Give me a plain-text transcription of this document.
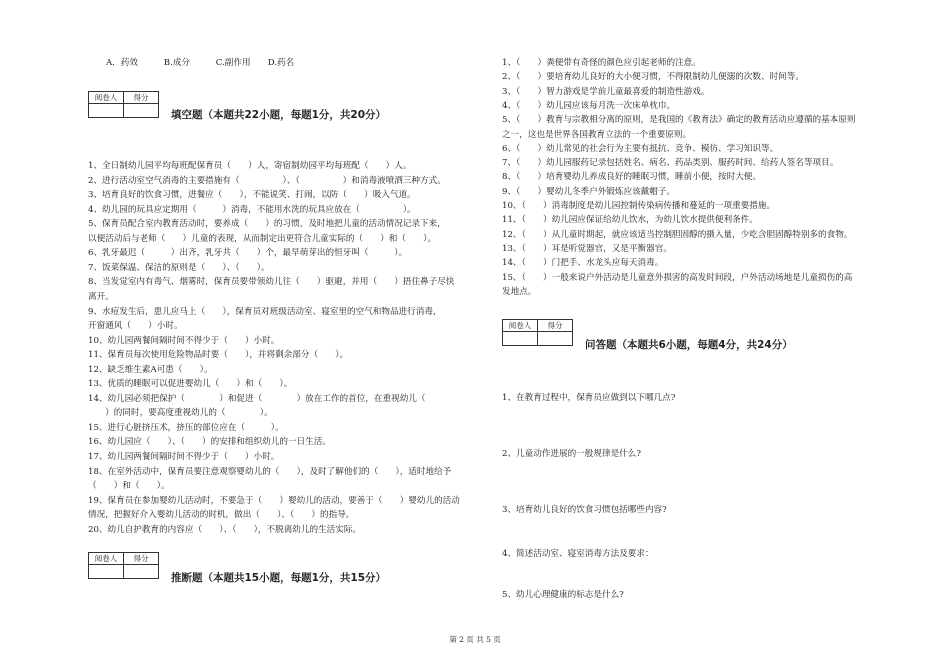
A．药效　　　B.成分　　　C.副作用　　D.药名
阅卷人	得分

填空题（本题共22小题，每题1分，共20分）
1、全日制幼儿园平均每班配保育员（　　）人，寄宿制幼园平均每班配（　　）人。
2、进行活动室空气消毒的主要措施有（　　　　　）、（　　　　　）和消毒液喷洒三种方式。
3、培育良好的饮食习惯，进餐应（　　），不能说笑、打闹，以防（　　）吸入气道。
4、幼儿园的玩具应定期用（　　　）消毒，不能用水洗的玩具应放在（　　　　　）。
5、保育员配合室内教育活动时，要养成（　　）的习惯，及时地把儿童的活动情况记录下来，
以便活动后与老师（　　）儿童的表现，从而制定出更符合儿童实际的（　　）和（　　）。
6、乳牙最迟（　　　）出齐，乳牙共（　　）个，最早萌芽出的恒牙叫（　　　）。
7、饭菜保温、保洁的原则是（　　）、（　　）。
8、当发觉室内有毒气、烟雾时，保育员要带领幼儿往（　　）驱避，并用（　　）捂住鼻子尽快
离开。
9、水痘发生后，患儿应马上（　　），保育员对班级活动室、寝室里的空气和物品进行消毒，
开窗通风（　　）小时。
10、幼儿园两餐间隔时间不得少于（　　）小时。
11、保育员每次使用危险物品时要（　　），并将剩余部分（　　）。
12、缺乏维生素A可患（　　）。
13、优质的睡眠可以促进婴幼儿（　　）和（　　）。
14、幼儿园必须把保护（　　　　）和促进（　　　　）放在工作的首位，在重视幼儿（
　　）的同时，要高度重视幼儿的（　　　　）。
15、进行心脏挤压术，挤压的部位应在（　　　）。
16、幼儿园应（　　）、（　　）的安排和组织幼儿的一日生活。
17、幼儿园两餐间隔时间不得少于（　　）小时。
18、在室外活动中，保育员要注意观察婴幼儿的（　　），及时了解他们的（　　），适时地给予
（　　）和（　　）。
19、保育员在参加婴幼儿活动时，不要急于（　　）婴幼儿的活动，要善于（　　）婴幼儿的活动
情况，把握好介入婴幼儿活动的时机，做出（　　）、（　　）的指导。
20、幼儿自护教育的内容应（　　）、（　　），不脱离幼儿的生活实际。
阅卷人	得分

推断题（本题共15小题，每题1分，共15分）
1、（　　）粪便带有奇怪的颜色应引起老师的注意。
2、（　　）要培育幼儿良好的大小便习惯，不得限制幼儿便溺的次数、时间等。
3、（　　）智力游戏是学前儿童最喜爱的制造性游戏。
4、（　　）幼儿园应该每月洗一次床单枕巾。
5、（　　）教育与宗教相分离的原则，是我国的《教育法》确定的教育活动应遵循的基本原则
之一，这也是世界各国教育立法的一个重要原则。
6、（　　）幼儿常见的社会行为主要有抵抗、竞争、模仿、学习知识等。
7、（　　）幼儿园服药记录包括姓名、病名、药品类别、服药时间、给药人签名等项目。
8、（　　）培育婴幼儿养成良好的睡眠习惯，睡前小便，按时大便。
9、（　　）婴幼儿冬季户外锻炼应该戴帽子。
10、（　　）消毒制度是幼儿园控制传染病传播和蔓延的一项重要措施。
11、（　　）幼儿园应保证给幼儿饮水，为幼儿饮水提供便利条件。
12、（　　）从儿童时期起，就应该适当控制胆固醇的摄入量，少吃含胆固醇特别多的食物。
13、（　　）耳是听觉器官，又是平衡器官。
14、（　　）门把手、水龙头应每天消毒。
15、（　　）一般来说户外活动是儿童意外损害的高发时间段，户外活动场地是儿童损伤的高
发地点。
阅卷人	得分

问答题（本题共6小题，每题4分，共24分）
1、在教育过程中，保育员应做到以下哪几点?
2、儿童动作进展的一般规律是什么?
3、培育幼儿良好的饮食习惯包括哪些内容?
4、简述活动室、寝室消毒方法及要求：
5、幼儿心理健康的标志是什么?
第 2 页 共 5 页
